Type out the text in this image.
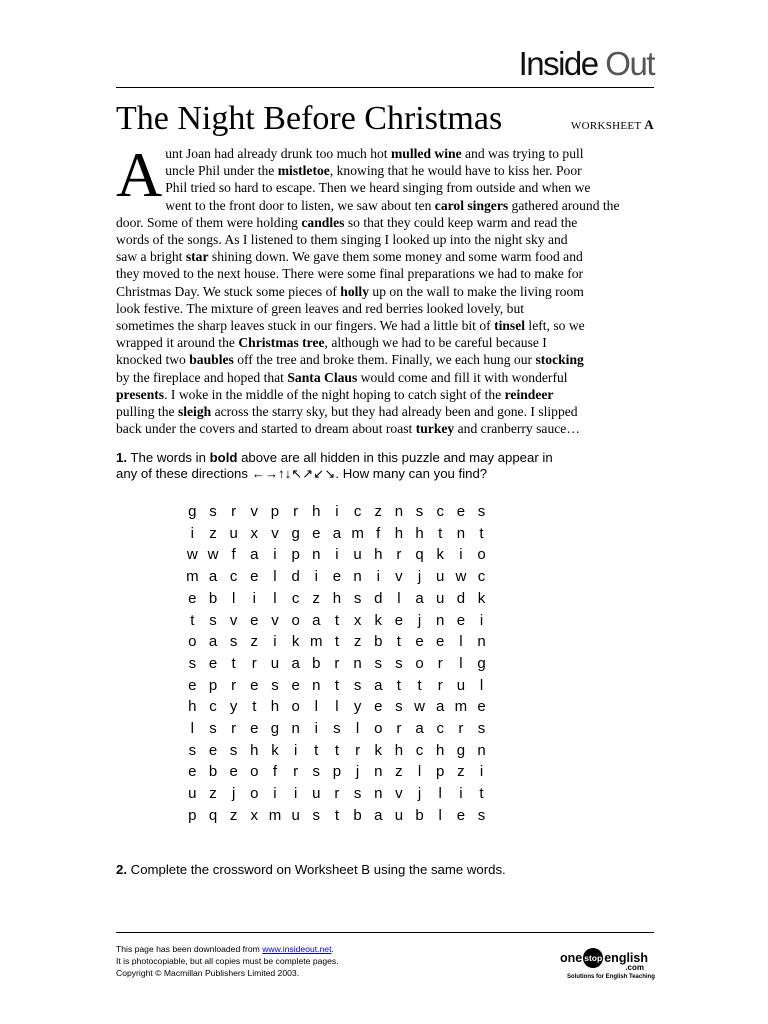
Inside Out
The Night Before Christmas	WORKSHEET A
A unt Joan had already drunk too much hot mulled wine and was trying to pull
uncle Phil under the mistletoe, knowing that he would have to kiss her. Poor
Phil tried so hard to escape. Then we heard singing from outside and when we
went to the front door to listen, we saw about ten carol singers gathered around the
door. Some of them were holding candles so that they could keep warm and read the
words of the songs. As I listened to them singing I looked up into the night sky and
saw a bright star shining down. We gave them some money and some warm food and
they moved to the next house. There were some final preparations we had to make for
Christmas Day. We stuck some pieces of holly up on the wall to make the living room
look festive. The mixture of green leaves and red berries looked lovely, but
sometimes the sharp leaves stuck in our fingers. We had a little bit of tinsel left, so we
wrapped it around the Christmas tree, although we had to be careful because I
knocked two baubles off the tree and broke them. Finally, we each hung our stocking
by the fireplace and hoped that Santa Claus would come and fill it with wonderful
presents. I woke in the middle of the night hoping to catch sight of the reindeer
pulling the sleigh across the starry sky, but they had already been and gone. I slipped
back under the covers and started to dream about roast turkey and cranberry sauce…
1. The words in bold above are all hidden in this puzzle and may appear in
any of these directions ←→↑↓↖↗↙↘. How many can you find?
g	s	r	v	p	r	h	i	c	z	n	s	c	e	s
i	z	u	x	v	g	e	a	m	f	h	h	t	n	t
w	w	f	a	i	p	n	i	u	h	r	q	k	i	o
m	a	c	e	l	d	i	e	n	i	v	j	u	w	c
e	b	l	i	l	c	z	h	s	d	l	a	u	d	k
t	s	v	e	v	o	a	t	x	k	e	j	n	e	i
o	a	s	z	i	k	m	t	z	b	t	e	e	l	n
s	e	t	r	u	a	b	r	n	s	s	o	r	l	g
e	p	r	e	s	e	n	t	s	a	t	t	r	u	l
h	c	y	t	h	o	l	l	y	e	s	w	a	m	e
l	s	r	e	g	n	i	s	l	o	r	a	c	r	s
s	e	s	h	k	i	t	t	r	k	h	c	h	g	n
e	b	e	o	f	r	s	p	j	n	z	l	p	z	i
u	z	j	o	i	i	u	r	s	n	v	j	l	i	t
p	q	z	x	m	u	s	t	b	a	u	b	l	e	s
2. Complete the crossword on Worksheet B using the same words.
This page has been downloaded from www.insideout.net.
It is photocopiable, but all copies must be complete pages.
Copyright © Macmillan Publishers Limited 2003.
one stop english
.com
Solutions for English Teaching
